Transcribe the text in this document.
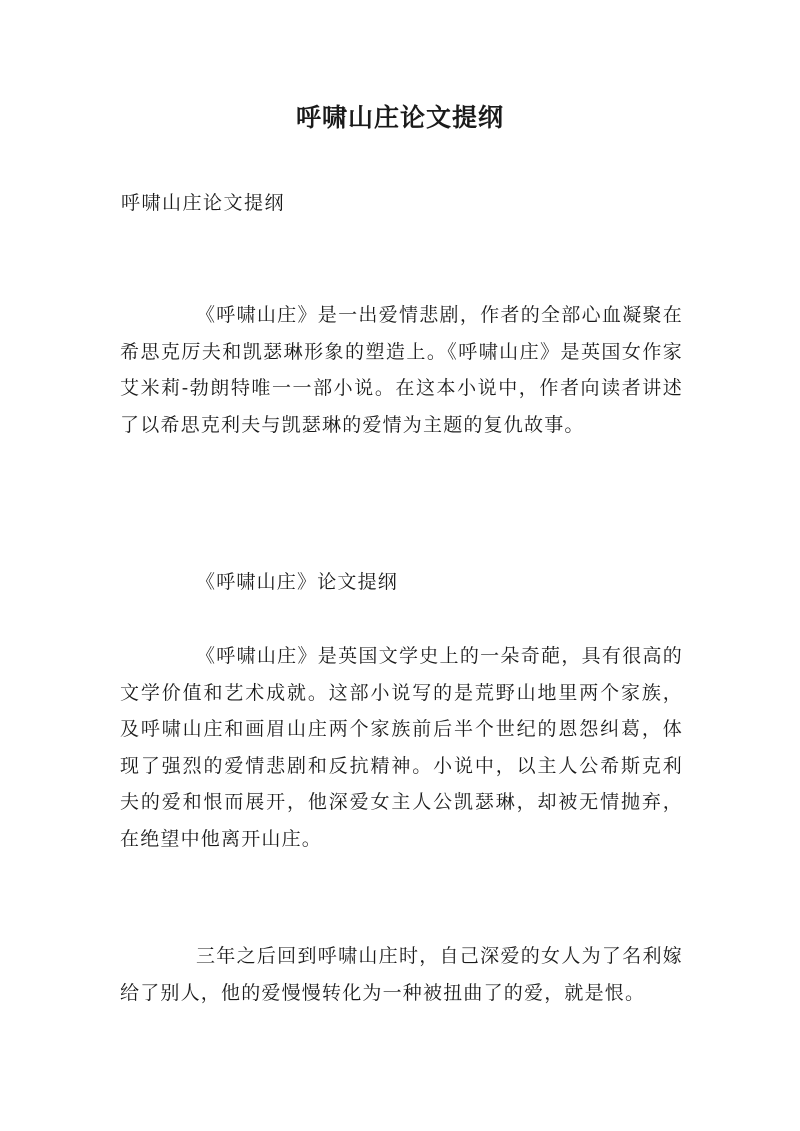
呼啸山庄论文提纲

呼啸山庄论文提纲

《呼啸山庄》是一出爱情悲剧，作者的全部心血凝聚在希思克厉夫和凯瑟琳形象的塑造上。《呼啸山庄》是英国女作家艾米莉-勃朗特唯一一部小说。在这本小说中，作者向读者讲述了以希思克利夫与凯瑟琳的爱情为主题的复仇故事。

《呼啸山庄》论文提纲

《呼啸山庄》是英国文学史上的一朵奇葩，具有很高的文学价值和艺术成就。这部小说写的是荒野山地里两个家族，及呼啸山庄和画眉山庄两个家族前后半个世纪的恩怨纠葛，体现了强烈的爱情悲剧和反抗精神。小说中，以主人公希斯克利夫的爱和恨而展开，他深爱女主人公凯瑟琳，却被无情抛弃，在绝望中他离开山庄。

三年之后回到呼啸山庄时，自己深爱的女人为了名利嫁给了别人，他的爱慢慢转化为一种被扭曲了的爱，就是恨。
